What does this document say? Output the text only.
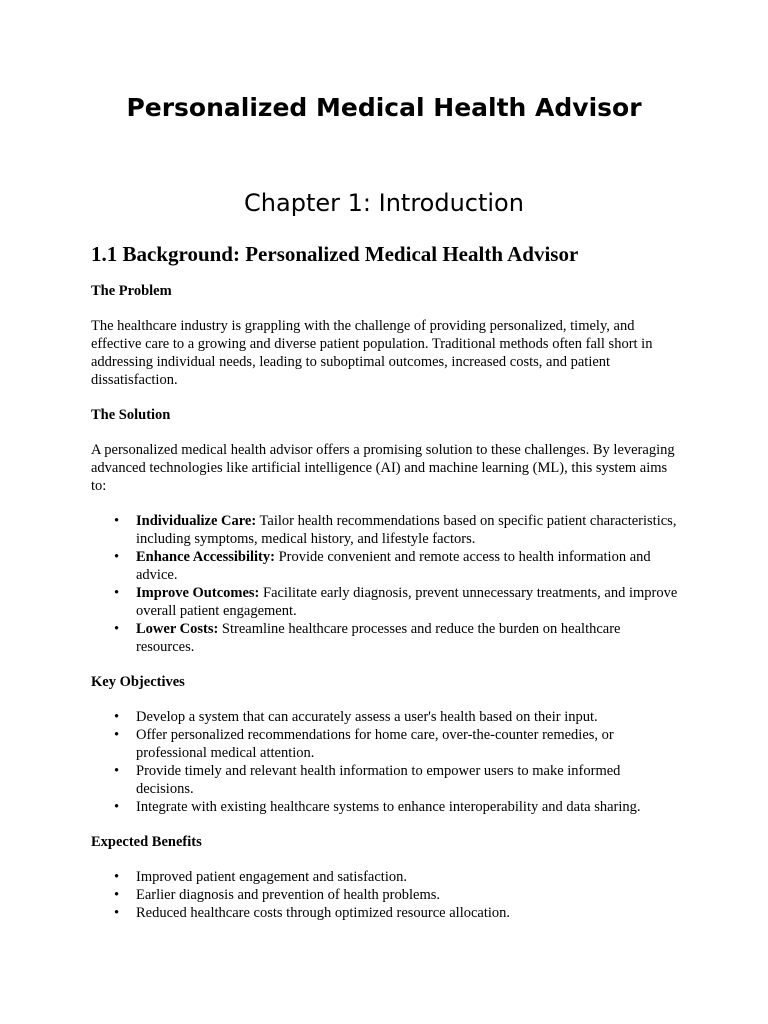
Personalized Medical Health Advisor
Chapter 1: Introduction
1.1 Background: Personalized Medical Health Advisor
The Problem

The healthcare industry is grappling with the challenge of providing personalized, timely, and effective care to a growing and diverse patient population. Traditional methods often fall short in addressing individual needs, leading to suboptimal outcomes, increased costs, and patient dissatisfaction.

The Solution

A personalized medical health advisor offers a promising solution to these challenges. By leveraging advanced technologies like artificial intelligence (AI) and machine learning (ML), this system aims to:

• Individualize Care: Tailor health recommendations based on specific patient characteristics, including symptoms, medical history, and lifestyle factors.
• Enhance Accessibility: Provide convenient and remote access to health information and advice.
• Improve Outcomes: Facilitate early diagnosis, prevent unnecessary treatments, and improve overall patient engagement.
• Lower Costs: Streamline healthcare processes and reduce the burden on healthcare resources.
Key Objectives
• Develop a system that can accurately assess a user's health based on their input.
• Offer personalized recommendations for home care, over-the-counter remedies, or professional medical attention.
• Provide timely and relevant health information to empower users to make informed decisions.
• Integrate with existing healthcare systems to enhance interoperability and data sharing.
Expected Benefits
• Improved patient engagement and satisfaction.
• Earlier diagnosis and prevention of health problems.
• Reduced healthcare costs through optimized resource allocation.
